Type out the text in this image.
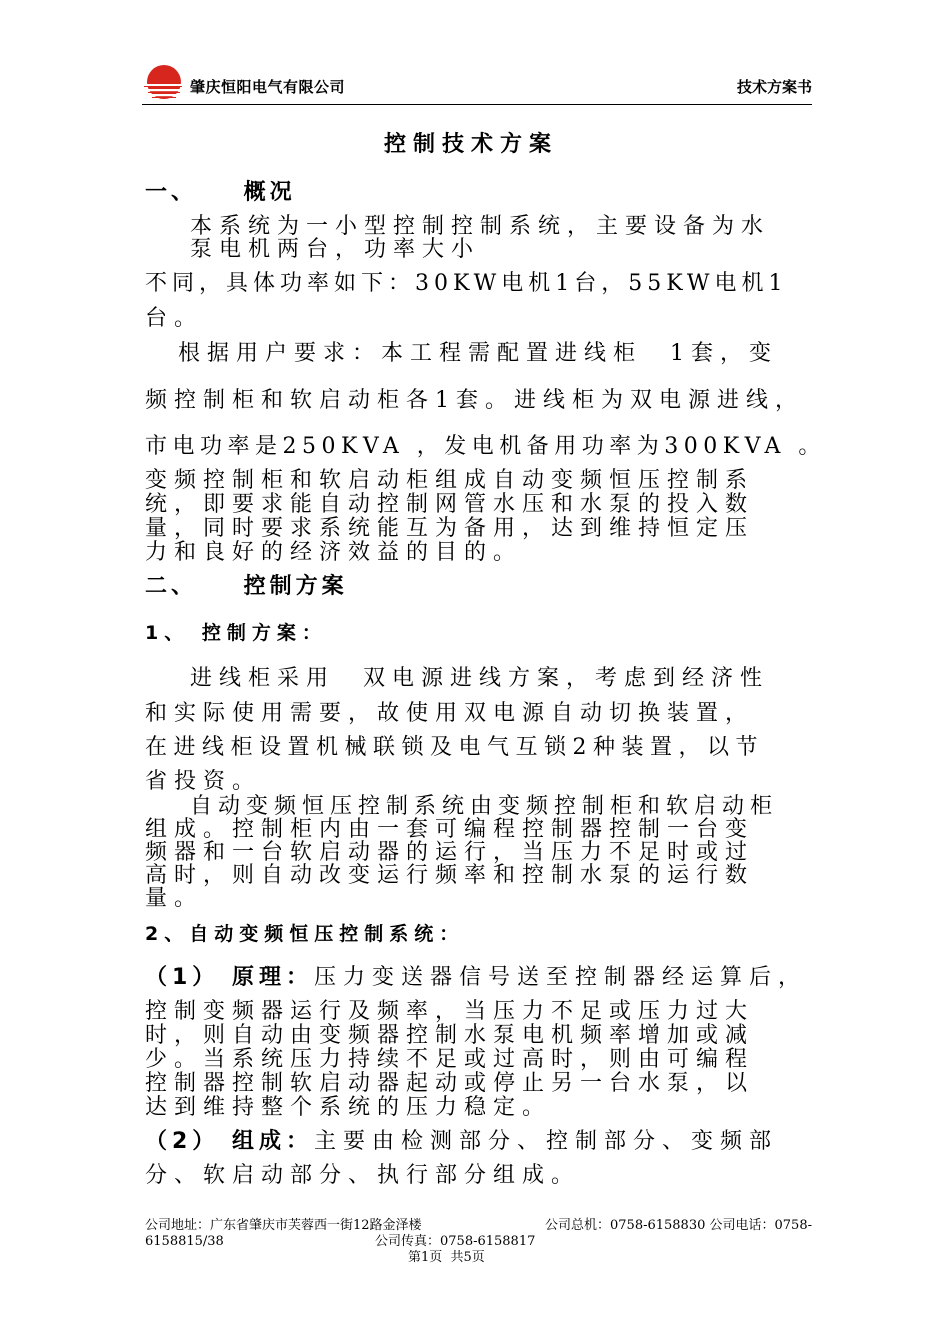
肇庆恒阳电气有限公司	技术方案书
控制技术方案
一、    概况
本系统为一小型控制控制系统，主要设备为水
泵电机两台，功率大小
不同，具体功率如下：30KW电机1台，55KW电机1
台。
根据用户要求：本工程需配置进线柜  1套，变
频控制柜和软启动柜各1套。进线柜为双电源进线，
市电功率是250KVA ，发电机备用功率为300KVA 。
变频控制柜和软启动柜组成自动变频恒压控制系
统，即要求能自动控制网管水压和水泵的投入数
量，同时要求系统能互为备用，达到维持恒定压
力和良好的经济效益的目的。
二、    控制方案
1、 控制方案：
进线柜采用  双电源进线方案，考虑到经济性
和实际使用需要，故使用双电源自动切换装置，
在进线柜设置机械联锁及电气互锁2种装置，以节
省投资。
自动变频恒压控制系统由变频控制柜和软启动柜
组成。控制柜内由一套可编程控制器控制一台变
频器和一台软启动器的运行，当压力不足时或过
高时，则自动改变运行频率和控制水泵的运行数
量。
2、自动变频恒压控制系统：
（1） 原理： 压力变送器信号送至控制器经运算后，
控制变频器运行及频率，当压力不足或压力过大
时，则自动由变频器控制水泵电机频率增加或减
少。当系统压力持续不足或过高时，则由可编程
控制器控制软启动器起动或停止另一台水泵，以
达到维持整个系统的压力稳定。
（2） 组成： 主要由检测部分、控制部分、变频部
分、软启动部分、执行部分组成。
公司地址：广东省肇庆市芙蓉西一街12路金泽楼	公司总机：0758-6158830 公司电话：0758-
6158815/38	公司传真：0758-6158817
第1页  共5页
